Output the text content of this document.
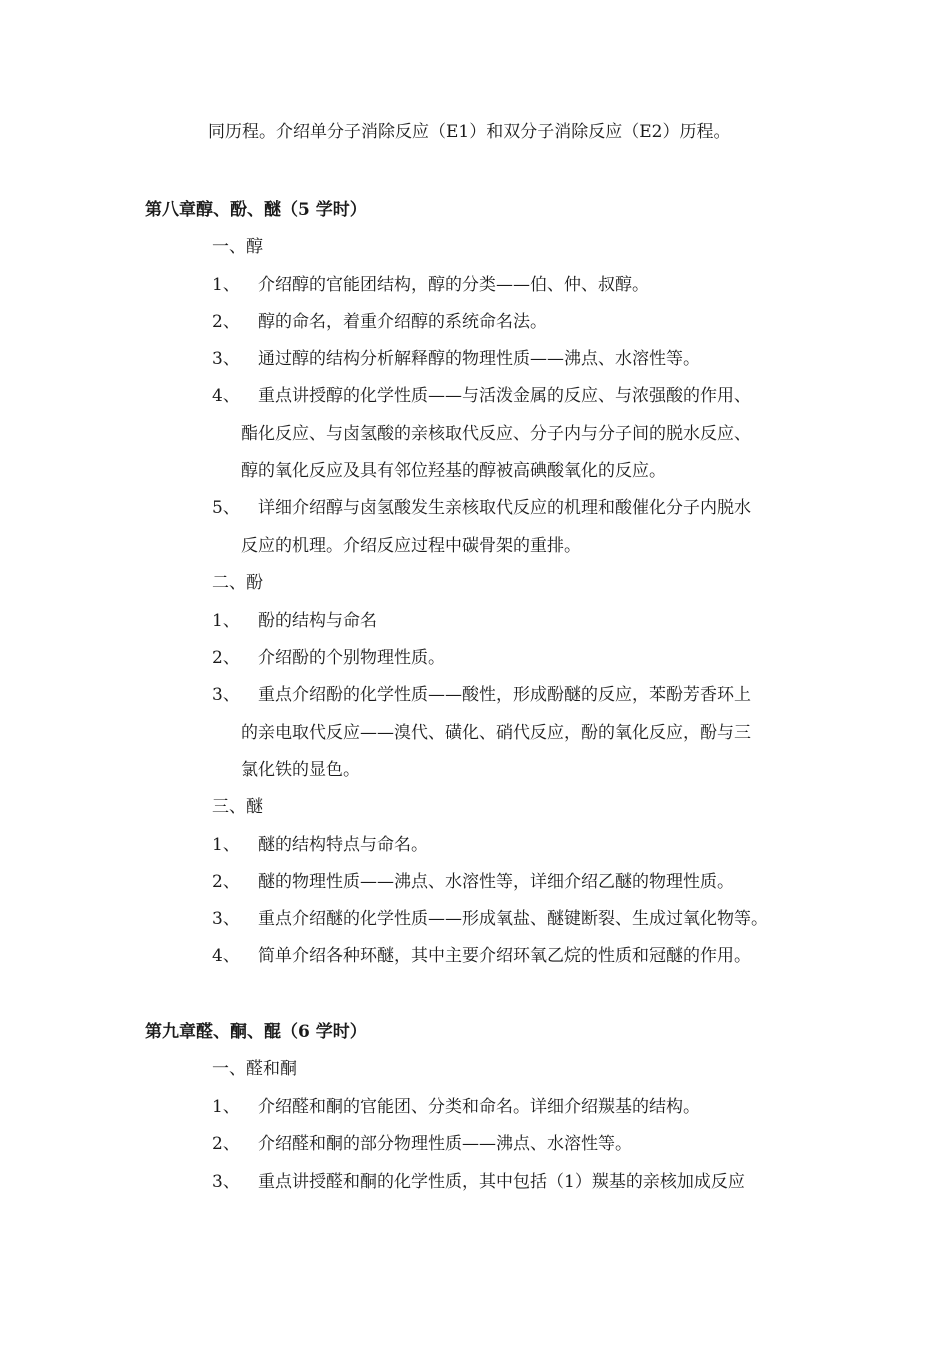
同历程。介绍单分子消除反应（E1）和双分子消除反应（E2）历程。
第八章醇、酚、醚（5 学时）
一、醇
1、 介绍醇的官能团结构，醇的分类——伯、仲、叔醇。
2、 醇的命名，着重介绍醇的系统命名法。
3、 通过醇的结构分析解释醇的物理性质——沸点、水溶性等。
4、 重点讲授醇的化学性质——与活泼金属的反应、与浓强酸的作用、
酯化反应、与卤氢酸的亲核取代反应、分子内与分子间的脱水反应、
醇的氧化反应及具有邻位羟基的醇被高碘酸氧化的反应。
5、 详细介绍醇与卤氢酸发生亲核取代反应的机理和酸催化分子内脱水
反应的机理。介绍反应过程中碳骨架的重排。
二、酚
1、 酚的结构与命名
2、 介绍酚的个别物理性质。
3、 重点介绍酚的化学性质——酸性，形成酚醚的反应，苯酚芳香环上
的亲电取代反应——溴代、磺化、硝代反应，酚的氧化反应，酚与三
氯化铁的显色。
三、醚
1、 醚的结构特点与命名。
2、 醚的物理性质——沸点、水溶性等，详细介绍乙醚的物理性质。
3、 重点介绍醚的化学性质——形成氧盐、醚键断裂、生成过氧化物等。
4、 简单介绍各种环醚，其中主要介绍环氧乙烷的性质和冠醚的作用。
第九章醛、酮、醌（6 学时）
一、醛和酮
1、 介绍醛和酮的官能团、分类和命名。详细介绍羰基的结构。
2、 介绍醛和酮的部分物理性质——沸点、水溶性等。
3、 重点讲授醛和酮的化学性质，其中包括（1）羰基的亲核加成反应
